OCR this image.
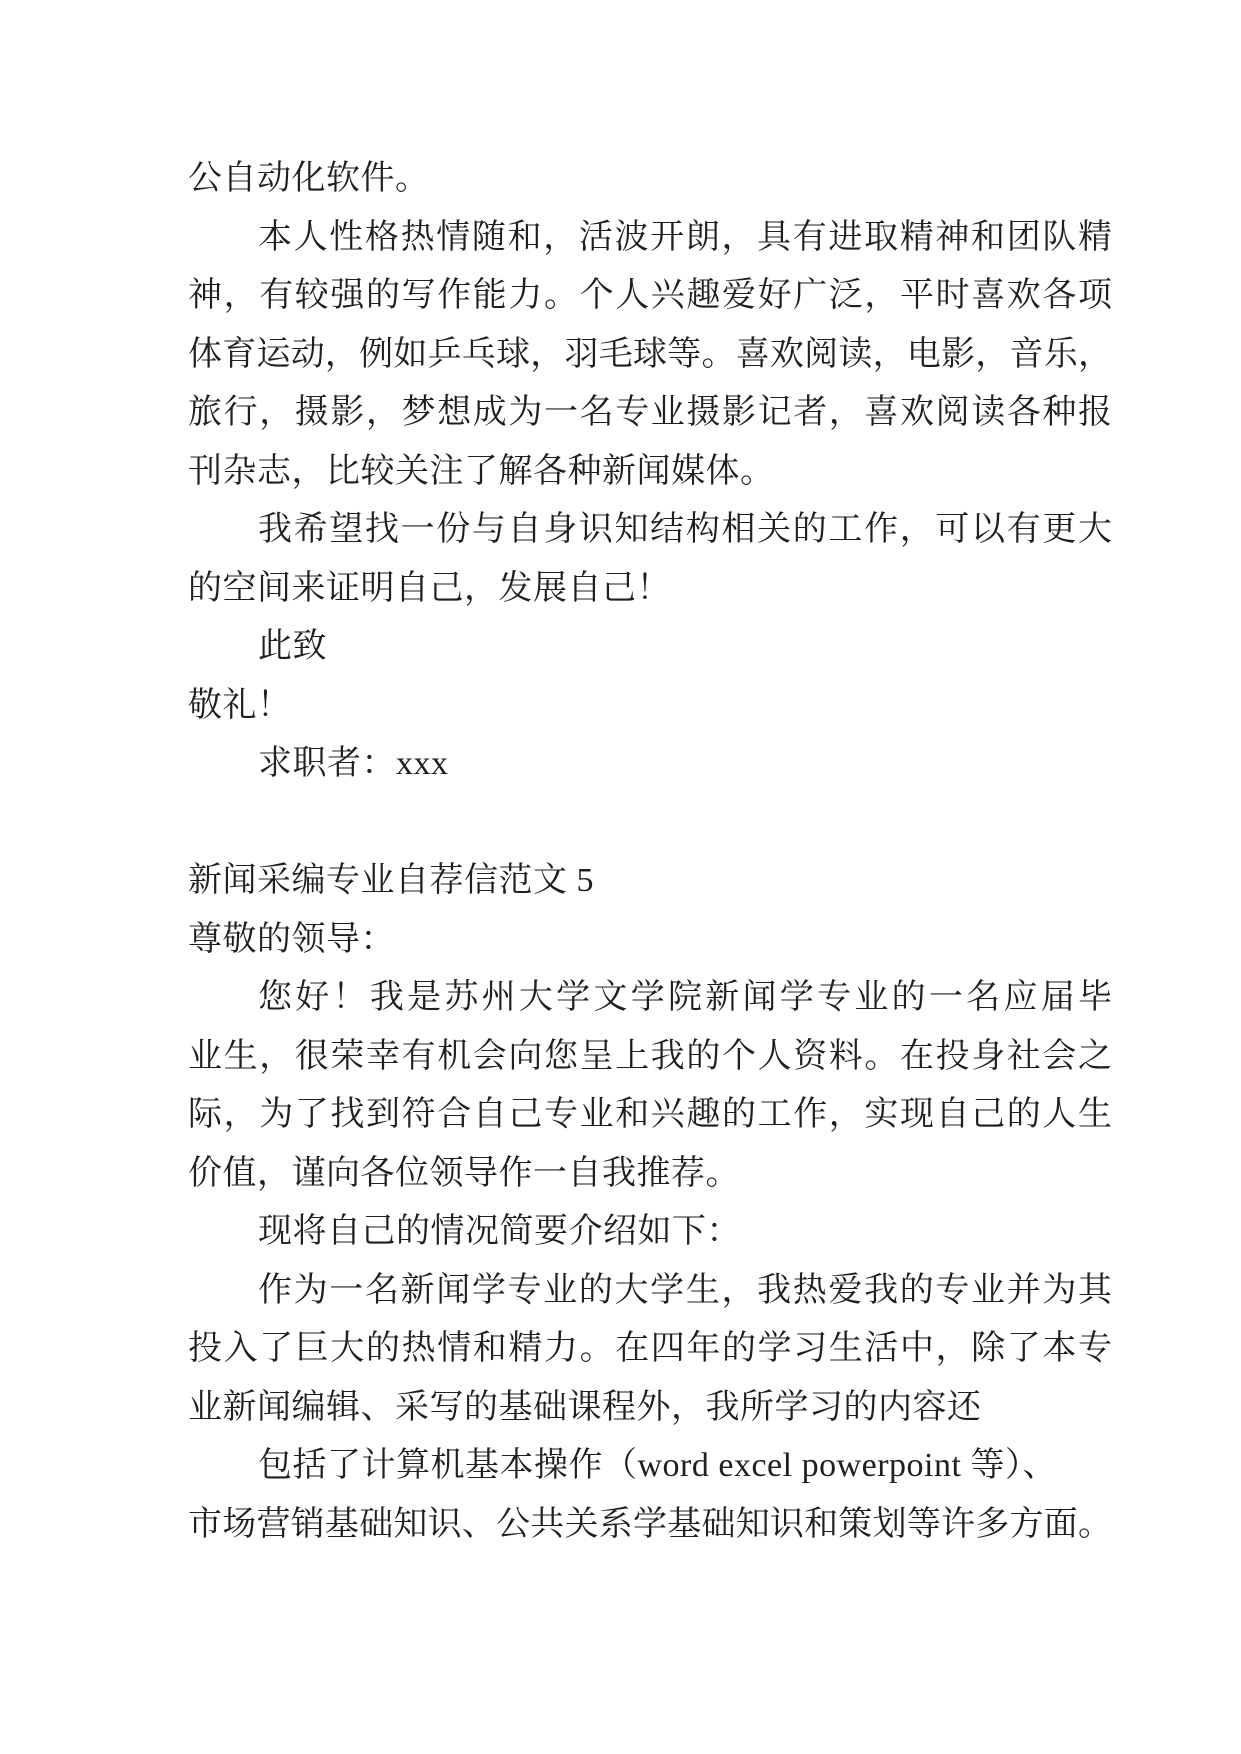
公自动化软件。
本人性格热情随和，活波开朗，具有进取精神和团队精
神，有较强的写作能力。个人兴趣爱好广泛，平时喜欢各项
体育运动，例如乒乓球，羽毛球等。喜欢阅读，电影，音乐，
旅行，摄影，梦想成为一名专业摄影记者，喜欢阅读各种报
刊杂志，比较关注了解各种新闻媒体。
我希望找一份与自身识知结构相关的工作，可以有更大
的空间来证明自己，发展自己！
此致
敬礼！
求职者：xxx
新闻采编专业自荐信范文 5
尊敬的领导：
您好！我是苏州大学文学院新闻学专业的一名应届毕
业生，很荣幸有机会向您呈上我的个人资料。在投身社会之
际，为了找到符合自己专业和兴趣的工作，实现自己的人生
价值，谨向各位领导作一自我推荐。
现将自己的情况简要介绍如下：
作为一名新闻学专业的大学生，我热爱我的专业并为其
投入了巨大的热情和精力。在四年的学习生活中，除了本专
业新闻编辑、采写的基础课程外，我所学习的内容还
包括了计算机基本操作（word excel powerpoint 等）、
市场营销基础知识、公共关系学基础知识和策划等许多方面。
